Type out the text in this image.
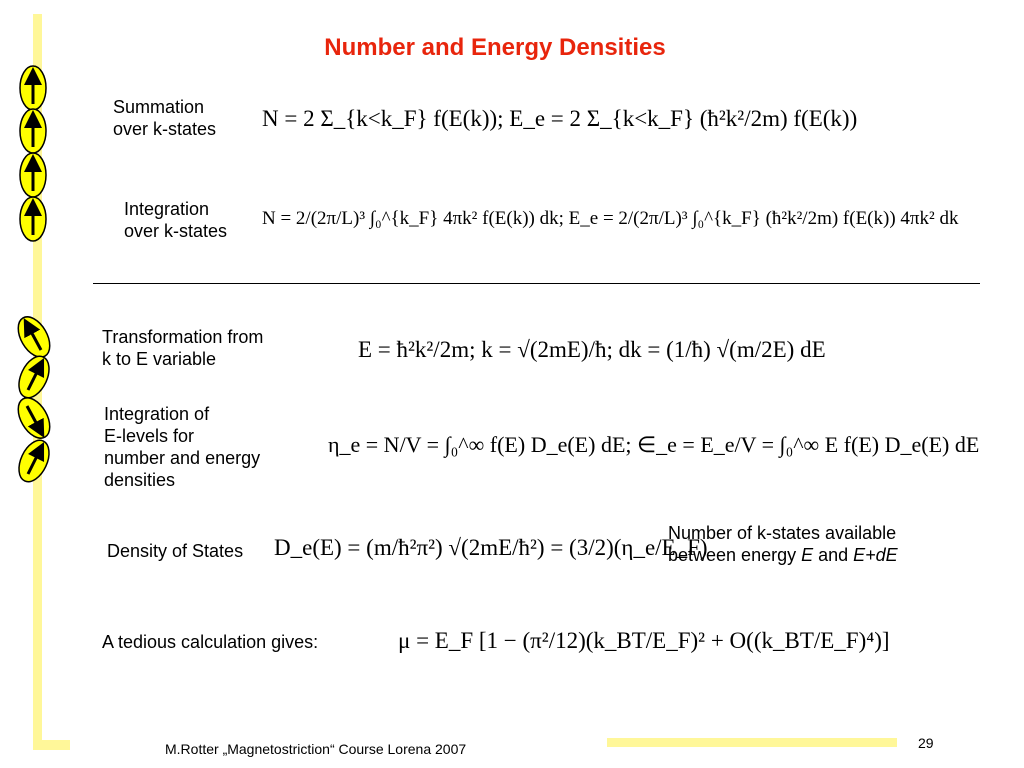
Number and Energy Densities
Summation
over k-states
Integration
over k-states
Transformation from
k to E variable
Integration of
E-levels for
number and energy
densities
Density of States
A tedious calculation gives:
Number of k-states available
between energy E and E+dE
N = 2 Σ_{k<k_F} f(E(k)); E_e = 2 Σ_{k<k_F} (ħ²k²/2m) f(E(k))
N = 2/(2π/L)³ ∫₀^{k_F} 4πk² f(E(k)) dk; E_e = 2/(2π/L)³ ∫₀^{k_F} (ħ²k²/2m) f(E(k)) 4πk² dk
E = ħ²k²/2m; k = √(2mE)/ħ; dk = (1/ħ) √(m/2E) dE
η_e = N/V = ∫₀^∞ f(E) D_e(E) dE; ∈_e = E_e/V = ∫₀^∞ E f(E) D_e(E) dE
D_e(E) = (m/ħ²π²) √(2mE/ħ²) = (3/2)(η_e/E_F)
μ = E_F [1 − (π²/12)(k_BT/E_F)² + O((k_BT/E_F)⁴)]
M.Rotter „Magnetostriction“ Course Lorena 2007	29
